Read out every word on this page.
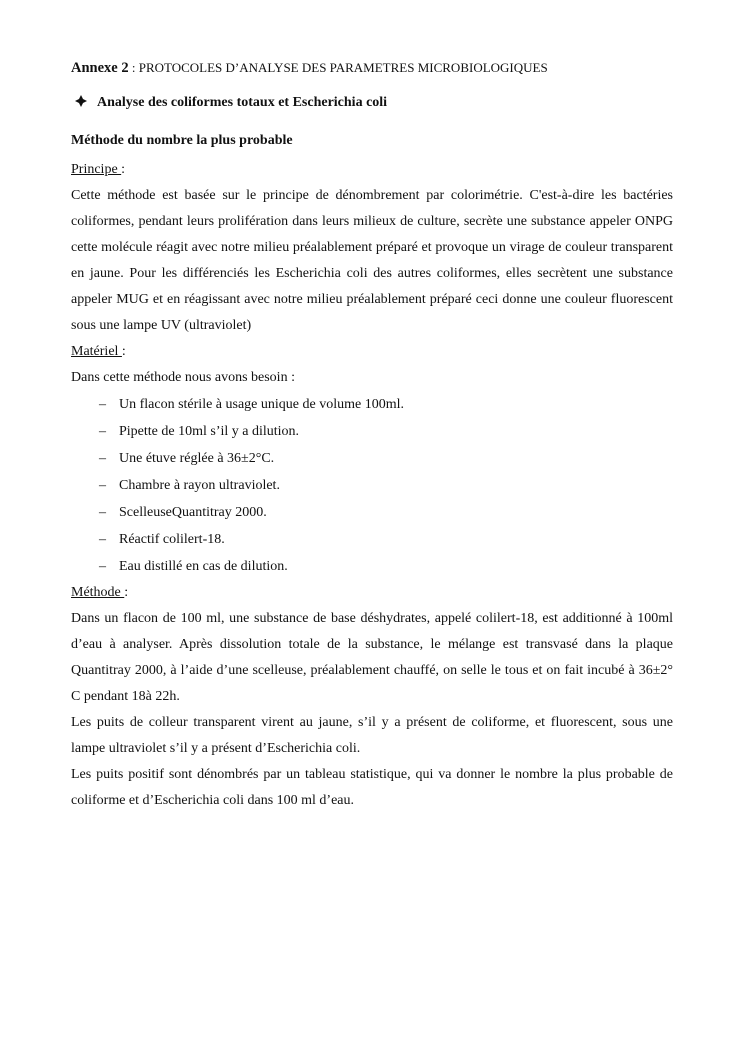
Annexe 2 : PROTOCOLES D’ANALYSE DES PARAMETRES MICROBIOLOGIQUES
Analyse des coliformes totaux et Escherichia coli
Méthode du nombre la plus probable
Principe :

Cette méthode est basée sur le principe de dénombrement par colorimétrie. C'est-à-dire les bactéries coliformes, pendant leurs prolifération dans leurs milieux de culture, secrète une substance appeler ONPG cette molécule réagit avec notre milieu préalablement préparé et provoque un virage de couleur transparent en jaune. Pour les différenciés les Escherichia coli des autres coliformes, elles secrètent une substance appeler MUG et en réagissant avec notre milieu préalablement préparé ceci donne une couleur fluorescent sous une lampe UV (ultraviolet)

Matériel :
Dans cette méthode nous avons besoin :
– Un flacon stérile à usage unique de volume 100ml.
– Pipette de 10ml s’il y a dilution.
– Une étuve réglée à 36±2°C.
– Chambre à rayon ultraviolet.
– ScelleuseQuantitray 2000.
– Réactif colilert-18.
– Eau distillé en cas de dilution.
Méthode :

Dans un flacon de 100 ml, une substance de base déshydrates, appelé colilert-18, est additionné à 100ml d’eau à analyser. Après dissolution totale de la substance, le mélange est transvasé dans la plaque Quantitray 2000, à l’aide d’une scelleuse, préalablement chauffé, on selle le tous et on fait incubé à 36±2° C pendant 18à 22h.

Les puits de colleur transparent virent au jaune, s’il y a présent de coliforme, et fluorescent, sous une lampe ultraviolet s’il y a présent d’Escherichia coli.

Les puits positif sont dénombrés par un tableau statistique, qui va donner le nombre la plus probable de coliforme et d’Escherichia coli dans 100 ml d’eau.
